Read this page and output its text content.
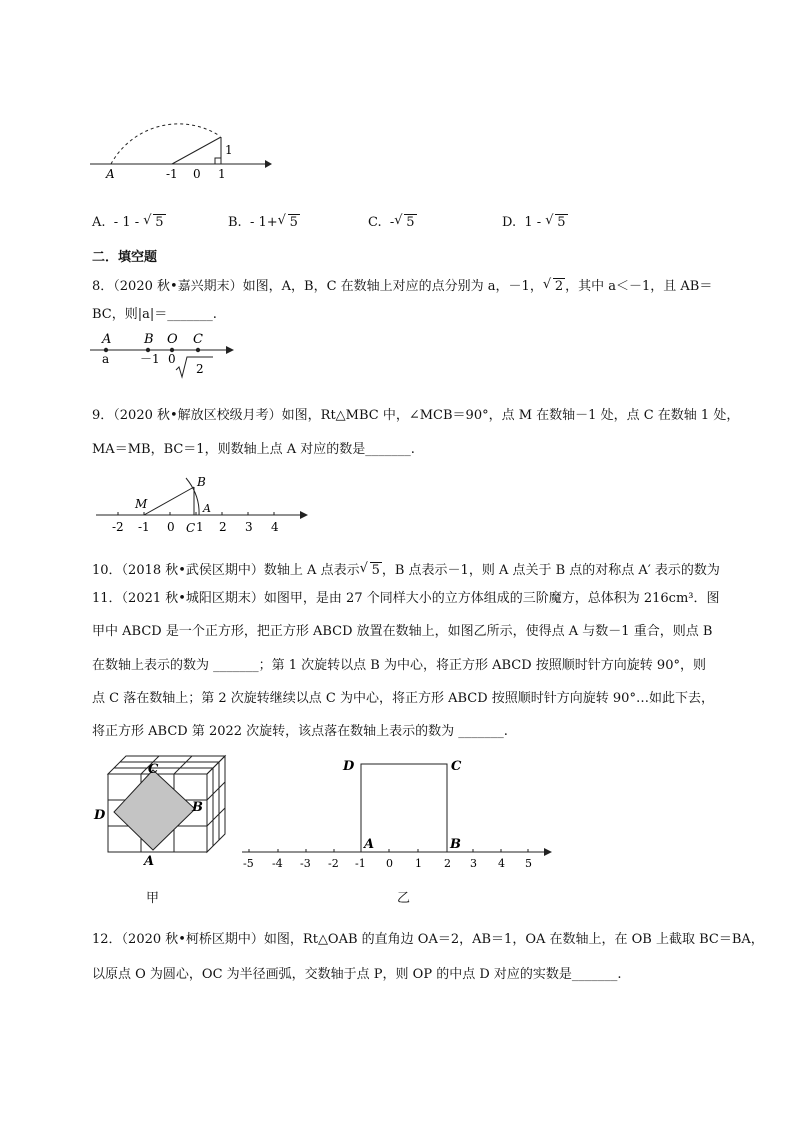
A	-1 0 1
1
A. - 1 - √ 5	B. - 1+ √ 5	C. - √ 5	D. 1 - √ 5
二．填空题
8．（2020 秋•嘉兴期末）如图，A，B，C 在数轴上对应的点分别为 a，－1， √ 2 ，其中 a＜－1，且 AB＝
BC，则|a|＝_______.
A	B O C
a	－1 0
2
9．（2020 秋•解放区校级月考）如图，Rt△MBC 中，∠MCB＝90°，点 M 在数轴－1 处，点 C 在数轴 1 处，
MA＝MB，BC＝1，则数轴上点 A 对应的数是_______.
M
B
C
A
-2 -1 0 1 2 3 4
10．（2018 秋•武侯区期中）数轴上 A 点表示 √ 5 ，B 点表示－1，则 A 点关于 B 点的对称点 A′ 表示的数为
11．（2021 秋•城阳区期末）如图甲，是由 27 个同样大小的立方体组成的三阶魔方，总体积为 216cm³．图
甲中 ABCD 是一个正方形，把正方形 ABCD 放置在数轴上，如图乙所示，使得点 A 与数－1 重合，则点 B
在数轴上表示的数为 _______；第 1 次旋转以点 B 为中心，将正方形 ABCD 按照顺时针方向旋转 90°，则
点 C 落在数轴上；第 2 次旋转继续以点 C 为中心，将正方形 ABCD 按照顺时针方向旋转 90°…如此下去，
将正方形 ABCD 第 2022 次旋转，该点落在数轴上表示的数为 _______.
C
B
D
A
甲
D	C
A	B
-5 -4 -3 -2 -1 0 1 2 3 4 5
乙
12．（2020 秋•柯桥区期中）如图，Rt△OAB 的直角边 OA＝2，AB＝1，OA 在数轴上，在 OB 上截取 BC＝BA，
以原点 O 为圆心，OC 为半径画弧，交数轴于点 P，则 OP 的中点 D 对应的实数是_______.
